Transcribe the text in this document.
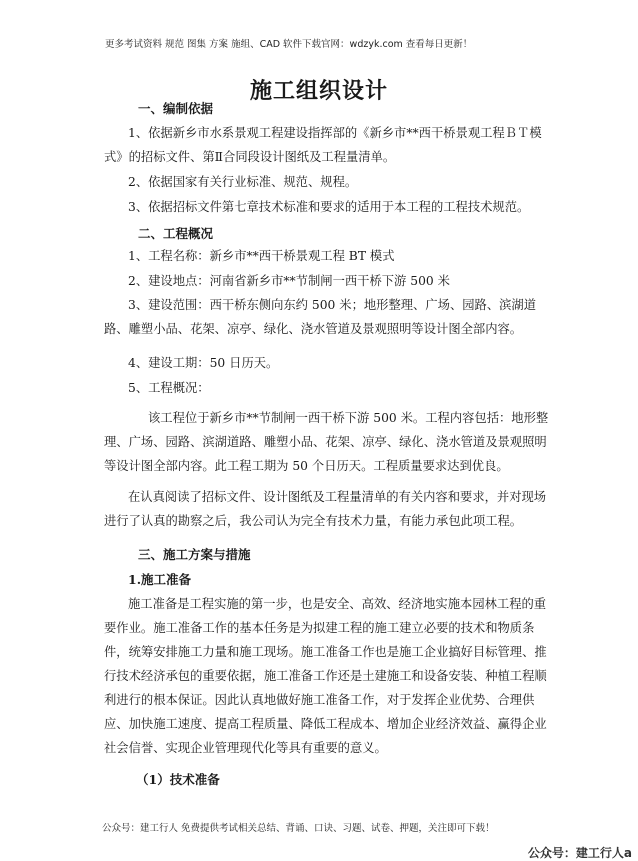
更多考试资料 规范 图集 方案 施组、CAD 软件下载官网：wdzyk.com 查看每日更新！
施工组织设计
一、编制依据
1、依据新乡市水系景观工程建设指挥部的《新乡市**西干桥景观工程ＢＴ模式》的招标文件、第Ⅱ合同段设计图纸及工程量清单。
2、依据国家有关行业标准、规范、规程。
3、依据招标文件第七章技术标准和要求的适用于本工程的工程技术规范。
二、工程概况
1、工程名称：新乡市**西干桥景观工程 BT 模式
2、建设地点：河南省新乡市**节制闸一西干桥下游 500 米
3、建设范围：西干桥东侧向东约 500 米；地形整理、广场、园路、滨湖道路、雕塑小品、花架、凉亭、绿化、浇水管道及景观照明等设计图全部内容。
4、建设工期：50 日历天。
5、工程概况：
该工程位于新乡市**节制闸一西干桥下游 500 米。工程内容包括：地形整理、广场、园路、滨湖道路、雕塑小品、花架、凉亭、绿化、浇水管道及景观照明等设计图全部内容。此工程工期为 50 个日历天。工程质量要求达到优良。
在认真阅读了招标文件、设计图纸及工程量清单的有关内容和要求，并对现场进行了认真的勘察之后，我公司认为完全有技术力量，有能力承包此项工程。
三、施工方案与措施
1.施工准备
施工准备是工程实施的第一步，也是安全、高效、经济地实施本园林工程的重要作业。施工准备工作的基本任务是为拟建工程的施工建立必要的技术和物质条件，统筹安排施工力量和施工现场。施工准备工作也是施工企业搞好目标管理、推行技术经济承包的重要依据，施工准备工作还是土建施工和设备安装、种植工程顺利进行的根本保证。因此认真地做好施工准备工作，对于发挥企业优势、合理供应、加快施工速度、提高工程质量、降低工程成本、增加企业经济效益、赢得企业社会信誉、实现企业管理现代化等具有重要的意义。
（1）技术准备
公众号：建工行人 免费提供考试相关总结、背诵、口诀、习题、试卷、押题，关注即可下载！
公众号：建工行人a
